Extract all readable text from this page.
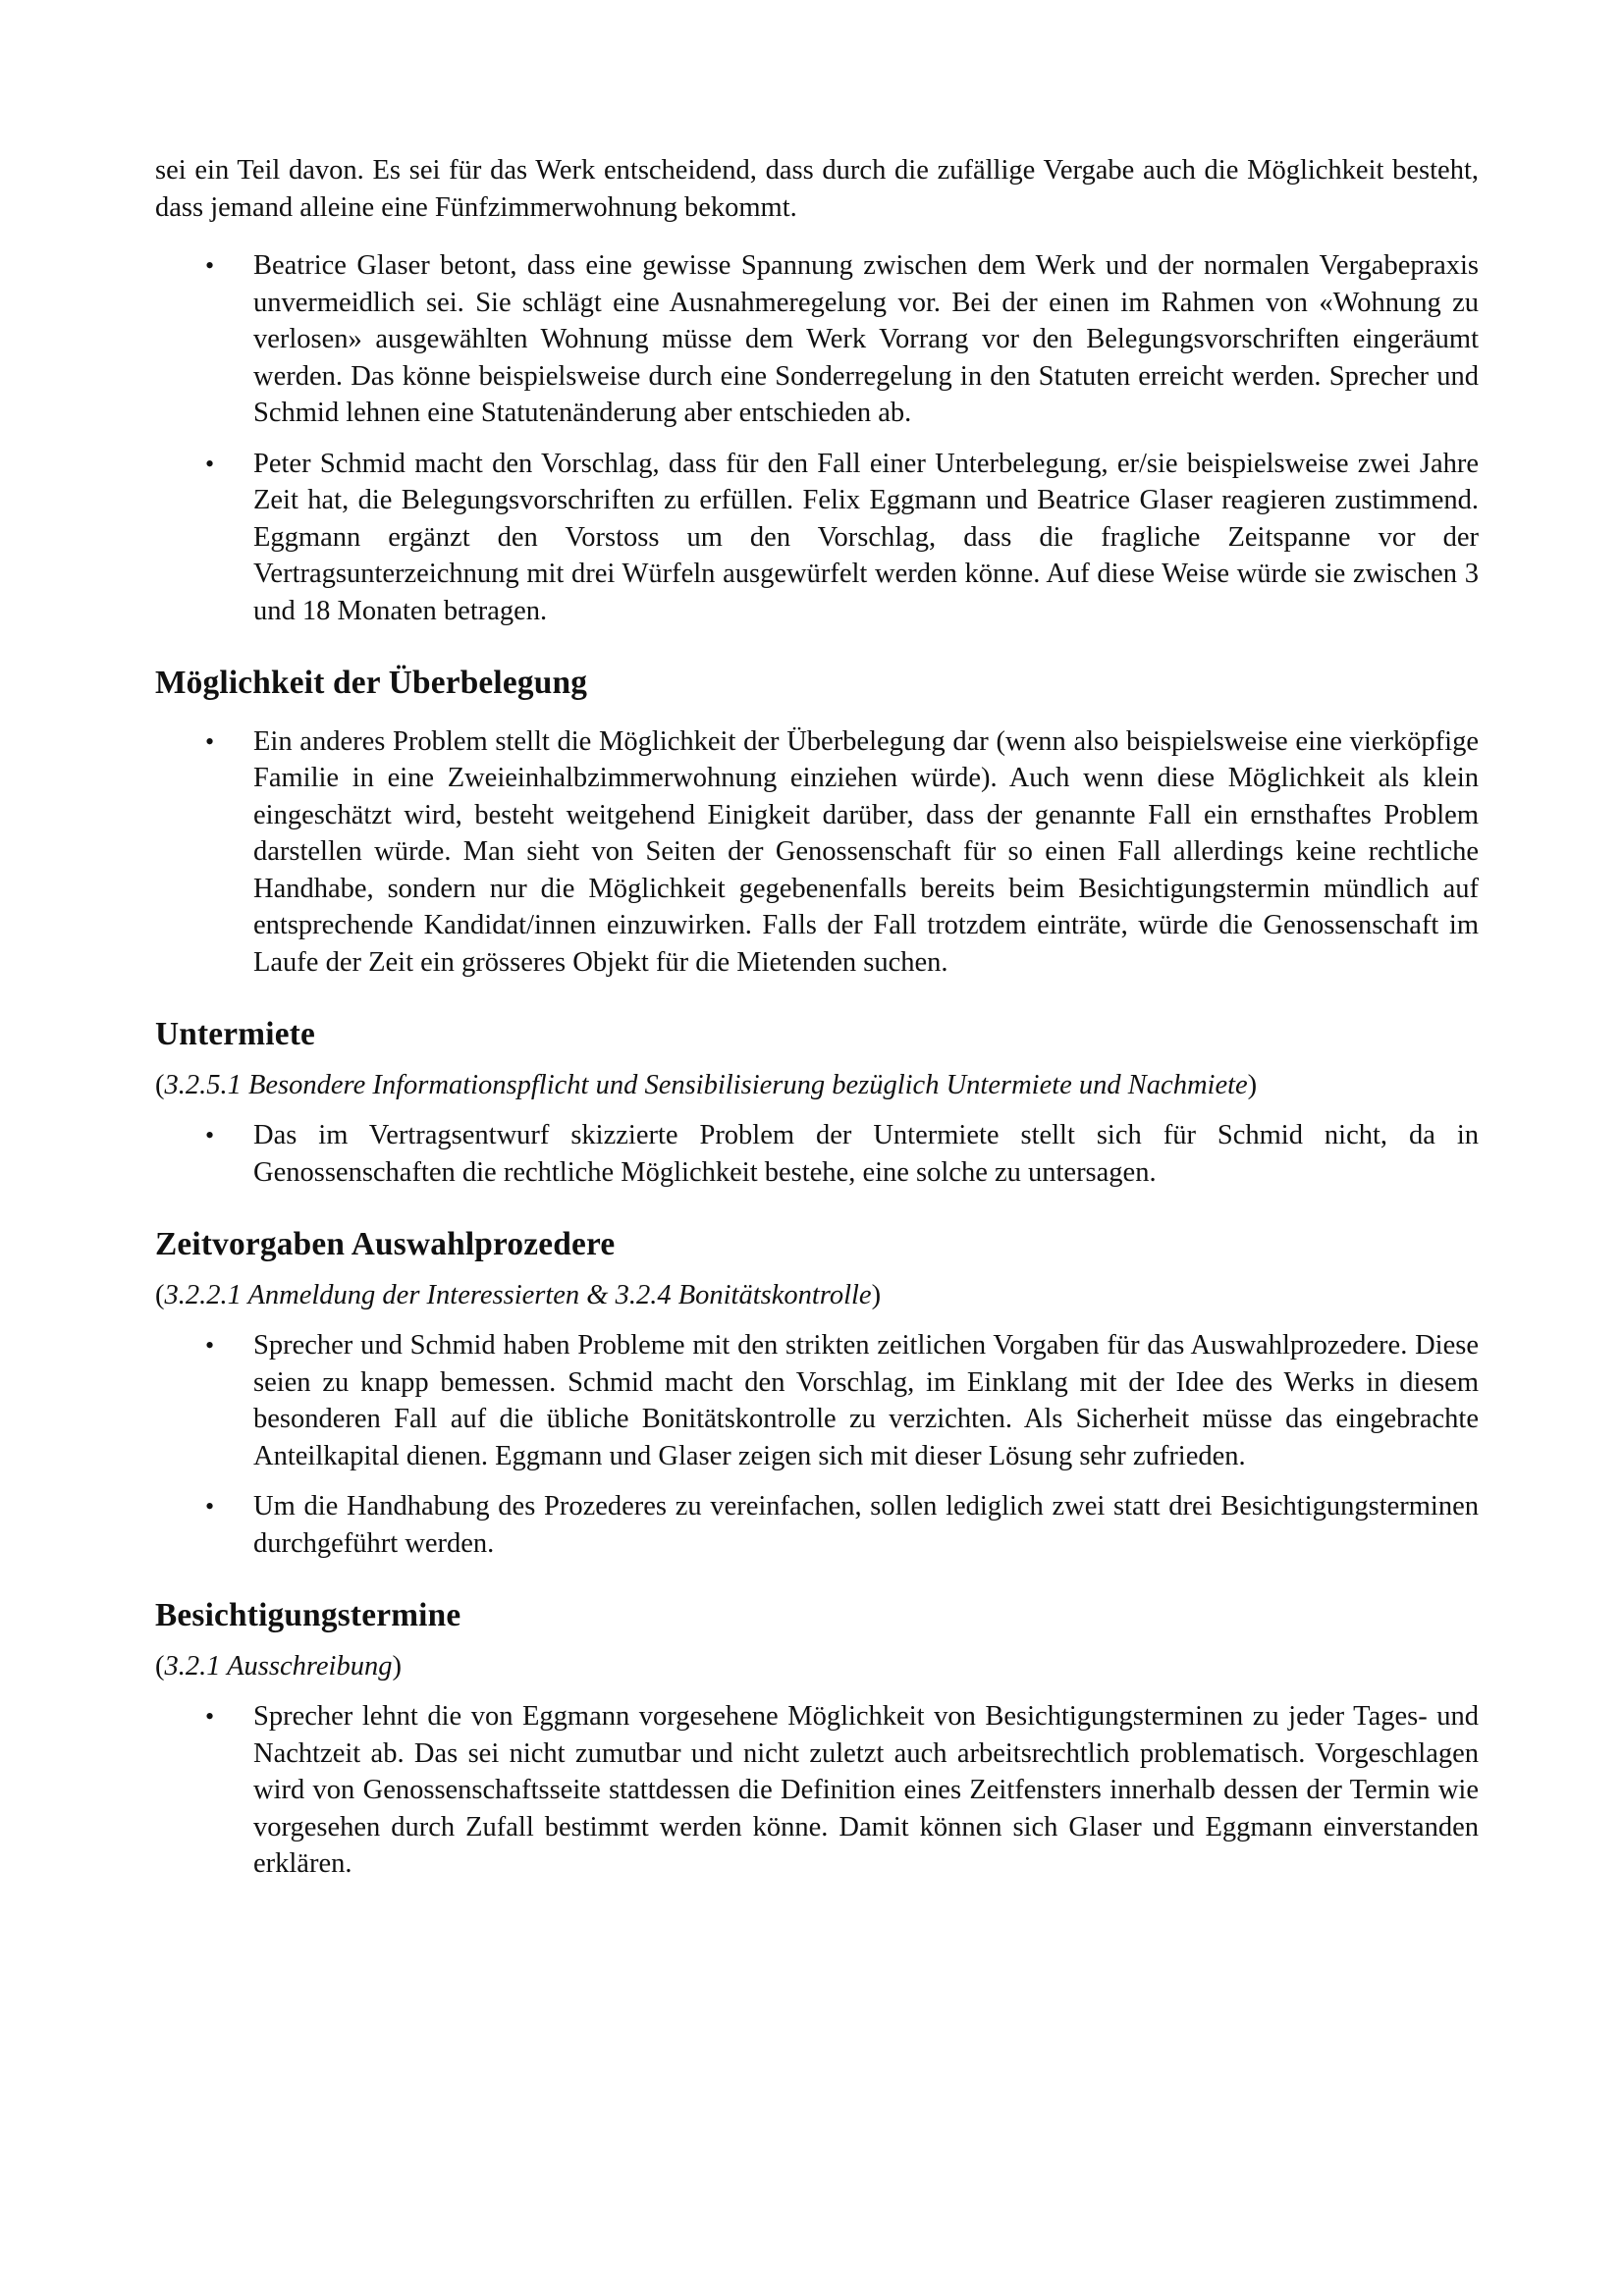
sei ein Teil davon. Es sei für das Werk entscheidend, dass durch die zufällige Vergabe auch die Möglichkeit besteht, dass jemand alleine eine Fünfzimmerwohnung bekommt.

• Beatrice Glaser betont, dass eine gewisse Spannung zwischen dem Werk und der normalen Vergabepraxis unvermeidlich sei. Sie schlägt eine Ausnahmeregelung vor. Bei der einen im Rahmen von «Wohnung zu verlosen» ausgewählten Wohnung müsse dem Werk Vorrang vor den Belegungsvorschriften eingeräumt werden. Das könne beispielsweise durch eine Sonderregelung in den Statuten erreicht werden. Sprecher und Schmid lehnen eine Statutenänderung aber entschieden ab.
• Peter Schmid macht den Vorschlag, dass für den Fall einer Unterbelegung, er/sie beispielsweise zwei Jahre Zeit hat, die Belegungsvorschriften zu erfüllen. Felix Eggmann und Beatrice Glaser reagieren zustimmend. Eggmann ergänzt den Vorstoss um den Vorschlag, dass die fragliche Zeitspanne vor der Vertragsunterzeichnung mit drei Würfeln ausgewürfelt werden könne. Auf diese Weise würde sie zwischen 3 und 18 Monaten betragen.
Möglichkeit der Überbelegung
• Ein anderes Problem stellt die Möglichkeit der Überbelegung dar (wenn also beispielsweise eine vierköpfige Familie in eine Zweieinhalbzimmerwohnung einziehen würde). Auch wenn diese Möglichkeit als klein eingeschätzt wird, besteht weitgehend Einigkeit darüber, dass der genannte Fall ein ernsthaftes Problem darstellen würde. Man sieht von Seiten der Genossenschaft für so einen Fall allerdings keine rechtliche Handhabe, sondern nur die Möglichkeit gegebenenfalls bereits beim Besichtigungstermin mündlich auf entsprechende Kandidat/innen einzuwirken. Falls der Fall trotzdem einträte, würde die Genossenschaft im Laufe der Zeit ein grösseres Objekt für die Mietenden suchen.
Untermiete

(3.2.5.1 Besondere Informationspflicht und Sensibilisierung bezüglich Untermiete und Nachmiete)

• Das im Vertragsentwurf skizzierte Problem der Untermiete stellt sich für Schmid nicht, da in Genossenschaften die rechtliche Möglichkeit bestehe, eine solche zu untersagen.
Zeitvorgaben Auswahlprozedere

(3.2.2.1 Anmeldung der Interessierten & 3.2.4 Bonitätskontrolle)

• Sprecher und Schmid haben Probleme mit den strikten zeitlichen Vorgaben für das Auswahlprozedere. Diese seien zu knapp bemessen. Schmid macht den Vorschlag, im Einklang mit der Idee des Werks in diesem besonderen Fall auf die übliche Bonitätskontrolle zu verzichten. Als Sicherheit müsse das eingebrachte Anteilkapital dienen. Eggmann und Glaser zeigen sich mit dieser Lösung sehr zufrieden.
• Um die Handhabung des Prozederes zu vereinfachen, sollen lediglich zwei statt drei Besichtigungsterminen durchgeführt werden.
Besichtigungstermine

(3.2.1 Ausschreibung)

• Sprecher lehnt die von Eggmann vorgesehene Möglichkeit von Besichtigungsterminen zu jeder Tages- und Nachtzeit ab. Das sei nicht zumutbar und nicht zuletzt auch arbeitsrechtlich problematisch. Vorgeschlagen wird von Genossenschaftsseite stattdessen die Definition eines Zeitfensters innerhalb dessen der Termin wie vorgesehen durch Zufall bestimmt werden könne. Damit können sich Glaser und Eggmann einverstanden erklären.
